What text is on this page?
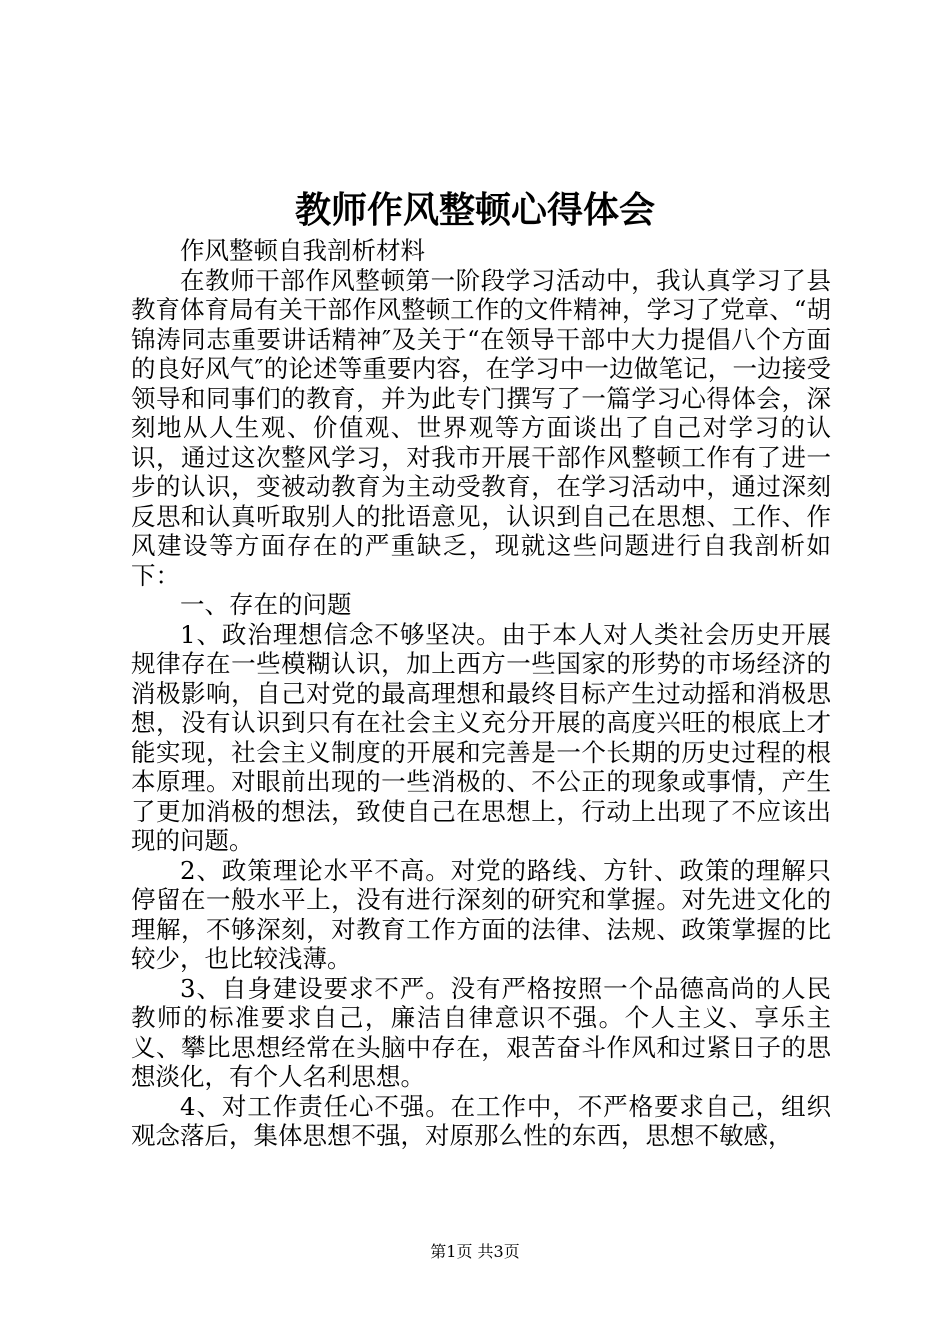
教师作风整顿心得体会

作风整顿自我剖析材料

在教师干部作风整顿第一阶段学习活动中，我认真学习了县教育体育局有关干部作风整顿工作的文件精神，学习了党章、“胡锦涛同志重要讲话精神″及关于“在领导干部中大力提倡八个方面的良好风气″的论述等重要内容，在学习中一边做笔记，一边接受领导和同事们的教育，并为此专门撰写了一篇学习心得体会，深刻地从人生观、价值观、世界观等方面谈出了自己对学习的认识，通过这次整风学习，对我市开展干部作风整顿工作有了进一步的认识，变被动教育为主动受教育，在学习活动中，通过深刻反思和认真听取别人的批语意见，认识到自己在思想、工作、作风建设等方面存在的严重缺乏，现就这些问题进行自我剖析如下：

一、存在的问题

1、政治理想信念不够坚决。由于本人对人类社会历史开展规律存在一些模糊认识，加上西方一些国家的形势的市场经济的消极影响，自己对党的最高理想和最终目标产生过动摇和消极思想，没有认识到只有在社会主义充分开展的高度兴旺的根底上才能实现，社会主义制度的开展和完善是一个长期的历史过程的根本原理。对眼前出现的一些消极的、不公正的现象或事情，产生了更加消极的想法，致使自己在思想上，行动上出现了不应该出现的问题。

2、政策理论水平不高。对党的路线、方针、政策的理解只停留在一般水平上，没有进行深刻的研究和掌握。对先进文化的理解，不够深刻，对教育工作方面的法律、法规、政策掌握的比较少，也比较浅薄。

3、自身建设要求不严。没有严格按照一个品德高尚的人民教师的标准要求自己，廉洁自律意识不强。个人主义、享乐主义、攀比思想经常在头脑中存在，艰苦奋斗作风和过紧日子的思想淡化，有个人名利思想。

4、对工作责任心不强。在工作中，不严格要求自己，组织观念落后，集体思想不强，对原那么性的东西，思想不敏感，

第1页 共3页
